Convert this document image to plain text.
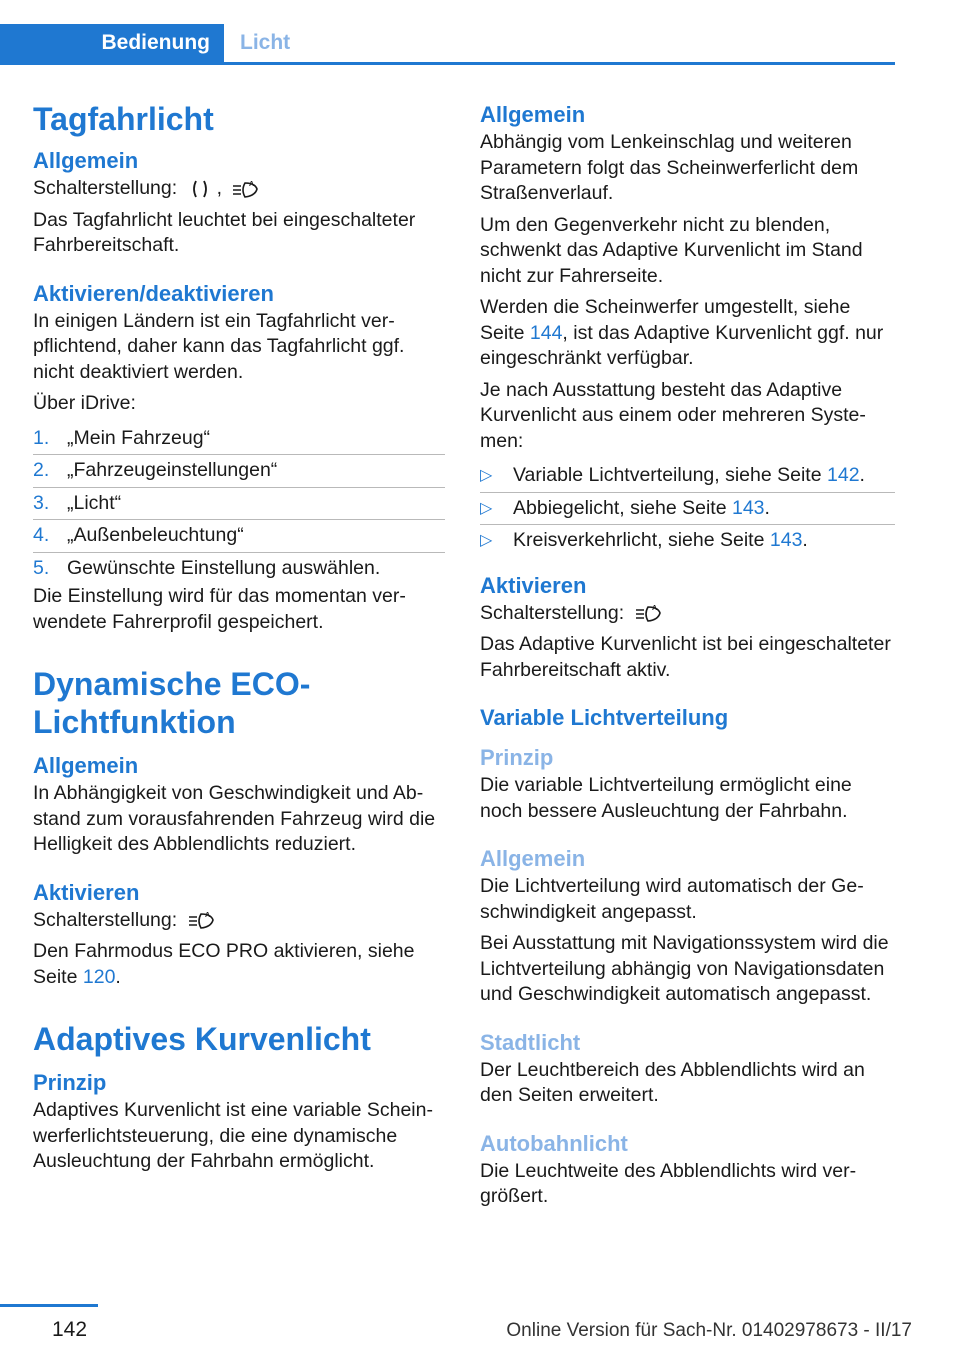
Bedienung	Licht
Tagfahrlicht
Allgemein

Schalterstellung: ,	A

Das Tagfahrlicht leuchtet bei eingeschalteter Fahrbereitschaft.

Aktivieren/deaktivieren

In einigen Ländern ist ein Tagfahrlicht verpflichtend, daher kann das Tagfahrlicht ggf. nicht deaktiviert werden.

Über iDrive:

1. „Mein Fahrzeug“
2. „Fahrzeugeinstellungen“
3. „Licht“
4. „Außenbeleuchtung“
5. Gewünschte Einstellung auswählen.

Die Einstellung wird für das momentan verwendete Fahrerprofil gespeichert.

Dynamische ECO-
Lichtfunktion
Allgemein

In Abhängigkeit von Geschwindigkeit und Abstand zum vorausfahrenden Fahrzeug wird die Helligkeit des Abblendlichts reduziert.

Aktivieren

Schalterstellung:	A

Den Fahrmodus ECO PRO aktivieren, siehe Seite 120.

Adaptives Kurvenlicht
Prinzip

Adaptives Kurvenlicht ist eine variable Scheinwerferlichtsteuerung, die eine dynamische Ausleuchtung der Fahrbahn ermöglicht.

Allgemein

Abhängig vom Lenkeinschlag und weiteren Parametern folgt das Scheinwerferlicht dem Straßenverlauf.

Um den Gegenverkehr nicht zu blenden, schwenkt das Adaptive Kurvenlicht im Stand nicht zur Fahrerseite.

Werden die Scheinwerfer umgestellt, siehe Seite 144, ist das Adaptive Kurvenlicht ggf. nur eingeschränkt verfügbar.

Je nach Ausstattung besteht das Adaptive Kurvenlicht aus einem oder mehreren Systemen:

▷	Variable Lichtverteilung, siehe Seite 142.
▷	Abbiegelicht, siehe Seite 143.
▷	Kreisverkehrlicht, siehe Seite 143.
Aktivieren

Schalterstellung:	A

Das Adaptive Kurvenlicht ist bei eingeschalteter Fahrbereitschaft aktiv.

Variable Lichtverteilung
Prinzip

Die variable Lichtverteilung ermöglicht eine noch bessere Ausleuchtung der Fahrbahn.

Allgemein

Die Lichtverteilung wird automatisch der Geschwindigkeit angepasst.

Bei Ausstattung mit Navigationssystem wird die Lichtverteilung abhängig von Navigationsdaten und Geschwindigkeit automatisch angepasst.

Stadtlicht

Der Leuchtbereich des Abblendlichts wird an den Seiten erweitert.

Autobahnlicht

Die Leuchtweite des Abblendlichts wird vergrößert.

142	Online Version für Sach-Nr. 01402978673 - II/17
